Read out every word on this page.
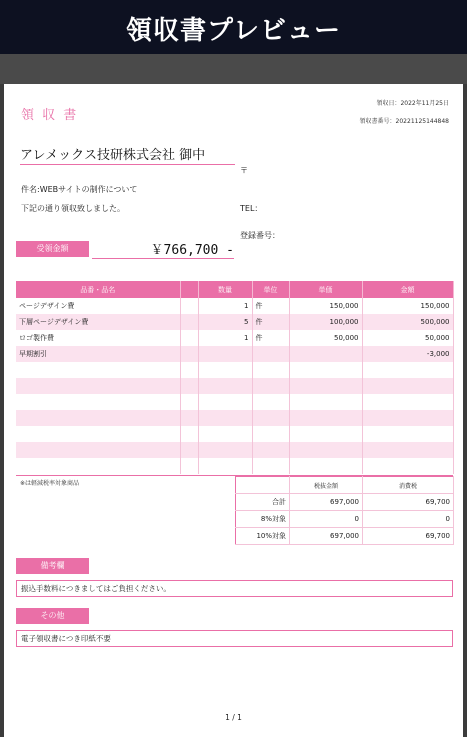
領収書プレビュー
領 収 書
領収日：2022年11月25日
領収書番号：20221125144848
アレメックス技研株式会社 御中
〒
件名:WEBサイトの制作について
下記の通り領収致しました。	TEL：
登録番号：
受領金額	￥766,700 -
品番・品名		数量	単位	単価	金額
ページデザイン費		1	件	150,000	150,000
下層ページデザイン費		5	件	100,000	500,000
ロゴ製作費		1	件	50,000	50,000
早期割引					-3,000

※は軽減税率対象商品
		税抜金額	消費税
合計	697,000	69,700
8%対象	0	0
10%対象	697,000	69,700
備考欄
振込手数料につきましてはご負担ください。
その他
電子領収書につき印紙不要
1 / 1
